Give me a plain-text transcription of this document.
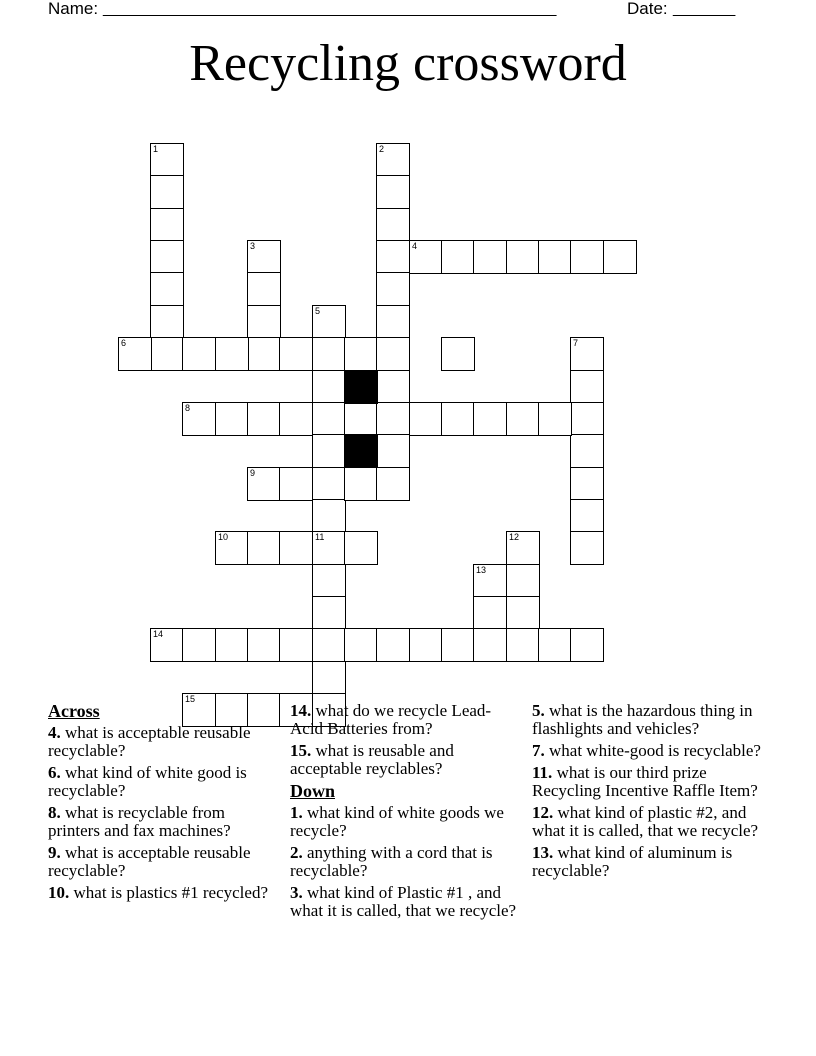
Name: _____________________________________________________	Date: _______
Recycling crossword
1	2
3	4
5
6	7
8
9
10	11	12
13
14
15
Across
4. what is acceptable reusable recyclable?
6. what kind of white good is recyclable?
8. what is recyclable from printers and fax machines?
9. what is acceptable reusable recyclable?
10. what is plastics #1 recycled?
14. what do we recycle Lead-Acid Batteries from?
15. what is reusable and acceptable reyclables?
Down
1. what kind of white goods we recycle?
2. anything with a cord that is recyclable?
3. what kind of Plastic #1 , and what it is called, that we recycle?
5. what is the hazardous thing in flashlights and vehicles?
7. what white-good is recyclable?
11. what is our third prize Recycling Incentive Raffle Item?
12. what kind of plastic #2, and what it is called, that we recycle?
13. what kind of aluminum is recyclable?
